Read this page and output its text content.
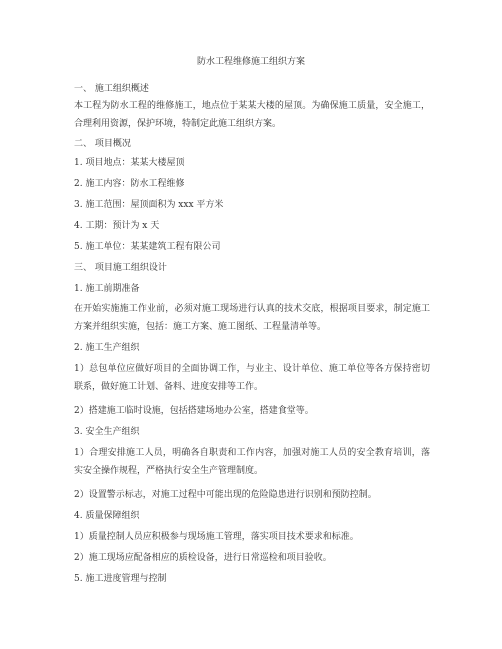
防水工程维修施工组织方案

一、 施工组织概述

本工程为防水工程的维修施工，地点位于某某大楼的屋顶。为确保施工质量，安全施工，合理利用资源，保护环境，特制定此施工组织方案。

二、 项目概况

1. 项目地点：某某大楼屋顶

2. 施工内容：防水工程维修

3. 施工范围：屋顶面积为 xxx 平方米

4. 工期：预计为 x 天

5. 施工单位：某某建筑工程有限公司

三、 项目施工组织设计

1. 施工前期准备

在开始实施施工作业前，必须对施工现场进行认真的技术交底，根据项目要求，制定施工方案并组织实施，包括：施工方案、施工图纸、工程量清单等。

2. 施工生产组织

1）总包单位应做好项目的全面协调工作，与业主、设计单位、施工单位等各方保持密切联系，做好施工计划、备料、进度安排等工作。

2）搭建施工临时设施，包括搭建场地办公室，搭建食堂等。

3. 安全生产组织

1）合理安排施工人员，明确各自职责和工作内容，加强对施工人员的安全教育培训，落实安全操作规程，严格执行安全生产管理制度。

2）设置警示标志，对施工过程中可能出现的危险隐患进行识别和预防控制。

4. 质量保障组织

1）质量控制人员应积极参与现场施工管理，落实项目技术要求和标准。

2）施工现场应配备相应的质检设备，进行日常巡检和项目验收。

5. 施工进度管理与控制
